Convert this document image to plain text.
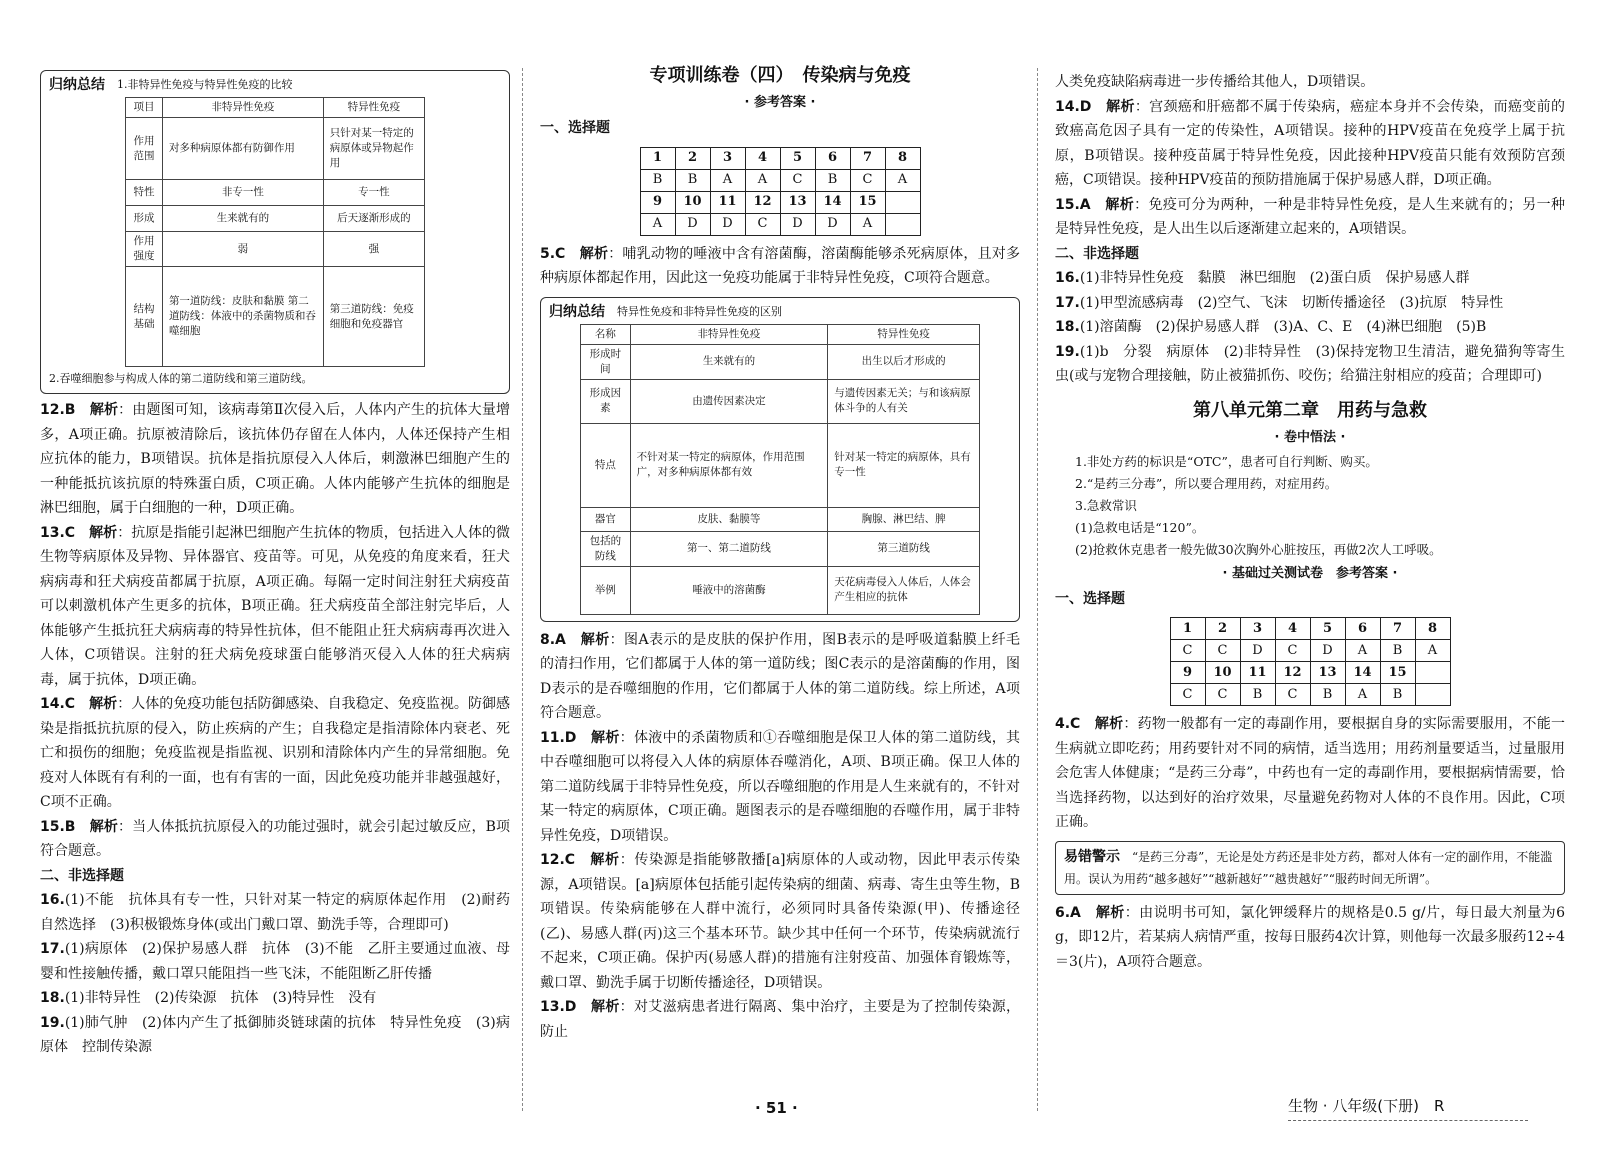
归纳总结 1.非特异性免疫与特异性免疫的比较
项目	非特异性免疫	特异性免疫
作用范围	对多种病原体都有防御作用	只针对某一特定的病原体或异物起作用
特性	非专一性	专一性
形成	生来就有的	后天逐渐形成的
作用强度	弱	强
结构基础	第一道防线：皮肤和黏膜 第二道防线：体液中的杀菌物质和吞噬细胞	第三道防线：免疫细胞和免疫器官
2.吞噬细胞参与构成人体的第二道防线和第三道防线。
12.B　 解析：由题图可知，该病毒第Ⅱ次侵入后，人体内产生的抗体大量增多，A项正确。抗原被清除后，该抗体仍存留在人体内，人体还保持产生相应抗体的能力，B项错误。抗体是指抗原侵入人体后，刺激淋巴细胞产生的一种能抵抗该抗原的特殊蛋白质，C项正确。人体内能够产生抗体的细胞是淋巴细胞，属于白细胞的一种，D项正确。
13.C　 解析：抗原是指能引起淋巴细胞产生抗体的物质，包括进入人体的微生物等病原体及异物、异体器官、疫苗等。可见，从免疫的角度来看，狂犬病病毒和狂犬病疫苗都属于抗原，A项正确。每隔一定时间注射狂犬病疫苗可以刺激机体产生更多的抗体，B项正确。狂犬病疫苗全部注射完毕后，人体能够产生抵抗狂犬病病毒的特异性抗体，但不能阻止狂犬病病毒再次进入人体，C项错误。注射的狂犬病免疫球蛋白能够消灭侵入人体的狂犬病病毒，属于抗体，D项正确。
14.C　 解析：人体的免疫功能包括防御感染、自我稳定、免疫监视。防御感染是指抵抗抗原的侵入，防止疾病的产生；自我稳定是指清除体内衰老、死亡和损伤的细胞；免疫监视是指监视、识别和清除体内产生的异常细胞。免疫对人体既有有利的一面，也有有害的一面，因此免疫功能并非越强越好，C项不正确。
15.B　 解析：当人体抵抗抗原侵入的功能过强时，就会引起过敏反应，B项符合题意。
二、非选择题
16.(1)不能　抗体具有专一性，只针对某一特定的病原体起作用　(2)耐药　自然选择　(3)积极锻炼身体(或出门戴口罩、勤洗手等，合理即可)
17.(1)病原体　(2)保护易感人群　抗体　(3)不能　乙肝主要通过血液、母婴和性接触传播，戴口罩只能阻挡一些飞沫，不能阻断乙肝传播
18.(1)非特异性　(2)传染源　抗体　(3)特异性　没有
19.(1)肺气肿　(2)体内产生了抵御肺炎链球菌的抗体　特异性免疫　(3)病原体　控制传染源
专项训练卷（四）　传染病与免疫
· 参考答案 ·
一、选择题
1	2	3	4	5	6	7	8
B	B	A	A	C	B	C	A
9	10	11	12	13	14	15	
A	D	D	C	D	D	A	
5.C　 解析：哺乳动物的唾液中含有溶菌酶，溶菌酶能够杀死病原体，且对多种病原体都起作用，因此这一免疫功能属于非特异性免疫，C项符合题意。
归纳总结 特异性免疫和非特异性免疫的区别
名称	非特异性免疫	特异性免疫
形成时间	生来就有的	出生以后才形成的
形成因素	由遗传因素决定	与遗传因素无关；与和该病原体斗争的人有关
特点	不针对某一特定的病原体，作用范围广，对多种病原体都有效	针对某一特定的病原体，具有专一性
器官	皮肤、黏膜等	胸腺、淋巴结、脾
包括的防线	第一、第二道防线	第三道防线
举例	唾液中的溶菌酶	天花病毒侵入人体后，人体会产生相应的抗体
8.A　 解析：图A表示的是皮肤的保护作用，图B表示的是呼吸道黏膜上纤毛的清扫作用，它们都属于人体的第一道防线；图C表示的是溶菌酶的作用，图D表示的是吞噬细胞的作用，它们都属于人体的第二道防线。综上所述，A项符合题意。
11.D　 解析：体液中的杀菌物质和①吞噬细胞是保卫人体的第二道防线，其中吞噬细胞可以将侵入人体的病原体吞噬消化，A项、B项正确。保卫人体的第二道防线属于非特异性免疫，所以吞噬细胞的作用是人生来就有的，不针对某一特定的病原体，C项正确。题图表示的是吞噬细胞的吞噬作用，属于非特异性免疫，D项错误。
12.C　 解析：传染源是指能够散播[a]病原体的人或动物，因此甲表示传染源，A项错误。[a]病原体包括能引起传染病的细菌、病毒、寄生虫等生物，B项错误。传染病能够在人群中流行，必须同时具备传染源(甲)、传播途径(乙)、易感人群(丙)这三个基本环节。缺少其中任何一个环节，传染病就流行不起来，C项正确。保护丙(易感人群)的措施有注射疫苗、加强体育锻炼等，戴口罩、勤洗手属于切断传播途径，D项错误。
13.D　 解析：对艾滋病患者进行隔离、集中治疗，主要是为了控制传染源，防止
人类免疫缺陷病毒进一步传播给其他人，D项错误。
14.D　 解析：宫颈癌和肝癌都不属于传染病，癌症本身并不会传染，而癌变前的致癌高危因子具有一定的传染性，A项错误。接种的HPV疫苗在免疫学上属于抗原，B项错误。接种疫苗属于特异性免疫，因此接种HPV疫苗只能有效预防宫颈癌，C项错误。接种HPV疫苗的预防措施属于保护易感人群，D项正确。
15.A　 解析：免疫可分为两种，一种是非特异性免疫，是人生来就有的；另一种是特异性免疫，是人出生以后逐渐建立起来的，A项错误。
二、非选择题
16.(1)非特异性免疫　黏膜　淋巴细胞　(2)蛋白质　保护易感人群
17.(1)甲型流感病毒　(2)空气、飞沫　切断传播途径　(3)抗原　特异性
18.(1)溶菌酶　(2)保护易感人群　(3)A、C、E　(4)淋巴细胞　(5)B
19.(1)b　分裂　病原体　(2)非特异性　(3)保持宠物卫生清洁，避免猫狗等寄生虫(或与宠物合理接触，防止被猫抓伤、咬伤；给猫注射相应的疫苗；合理即可)
第八单元第二章　用药与急救
· 卷中悟法 ·
1.非处方药的标识是“OTC”，患者可自行判断、购买。
2.“是药三分毒”，所以要合理用药，对症用药。
3.急救常识
(1)急救电话是“120”。
(2)抢救休克患者一般先做30次胸外心脏按压，再做2次人工呼吸。
· 基础过关测试卷　参考答案 ·
一、选择题
1	2	3	4	5	6	7	8
C	C	D	C	D	A	B	A
9	10	11	12	13	14	15	
C	C	B	C	B	A	B	
4.C　 解析：药物一般都有一定的毒副作用，要根据自身的实际需要服用，不能一生病就立即吃药；用药要针对不同的病情，适当选用；用药剂量要适当，过量服用会危害人体健康；“是药三分毒”，中药也有一定的毒副作用，要根据病情需要，恰当选择药物，以达到好的治疗效果，尽量避免药物对人体的不良作用。因此，C项正确。
易错警示　 “是药三分毒”，无论是处方药还是非处方药，都对人体有一定的副作用，不能滥用。误认为用药“越多越好”“越新越好”“越贵越好”“服药时间无所谓”。
6.A　 解析：由说明书可知，氯化钾缓释片的规格是0.5 g/片，每日最大剂量为6 g，即12片，若某病人病情严重，按每日服药4次计算，则他每一次最多服药12÷4＝3(片)，A项符合题意。
· 51 ·	生物 · 八年级(下册)　R
